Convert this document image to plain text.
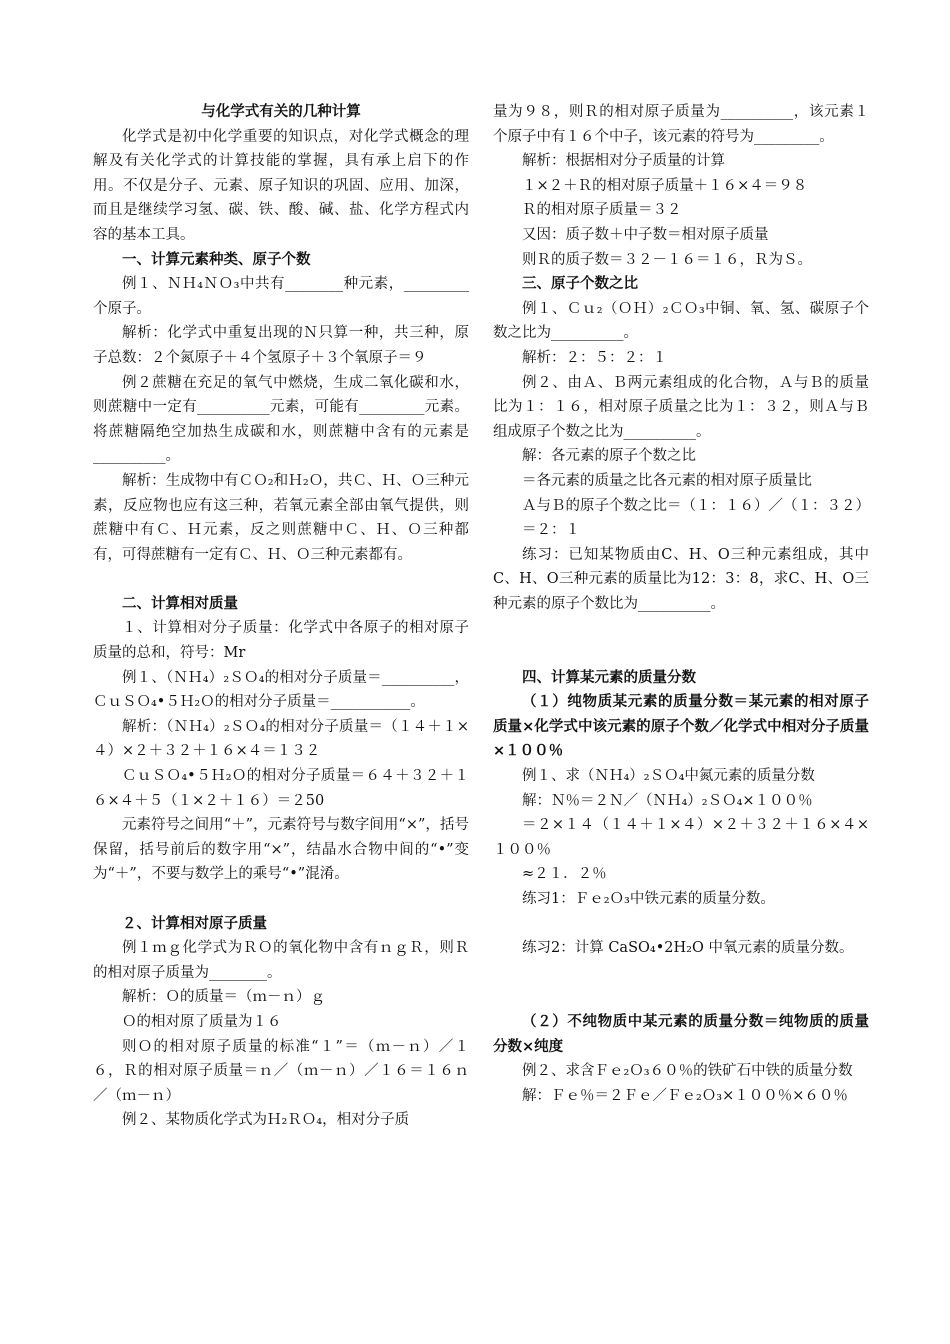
与化学式有关的几种计算

化学式是初中化学重要的知识点，对化学式概念的理解及有关化学式的计算技能的掌握，具有承上启下的作用。不仅是分子、元素、原子知识的巩固、应用、加深，而且是继续学习氢、碳、铁、酸、碱、盐、化学方程式内容的基本工具。

一、计算元素种类、原子个数

例１、ＮＨ₄ＮＯ₃中共有________种元素，_________个原子。

解析：化学式中重复出现的Ｎ只算一种，共三种，原子总数：２个氮原子＋４个氢原子＋３个氧原子＝９

例２蔗糖在充足的氧气中燃烧，生成二氧化碳和水，则蔗糖中一定有__________元素，可能有_________元素。将蔗糖隔绝空加热生成碳和水，则蔗糖中含有的元素是__________。

解析：生成物中有ＣＯ₂和Ｈ₂Ｏ，共Ｃ、Ｈ、Ｏ三种元素，反应物也应有这三种，若氧元素全部由氧气提供，则蔗糖中有Ｃ、Ｈ元素，反之则蔗糖中Ｃ、Ｈ、Ｏ三种都有，可得蔗糖有一定有Ｃ、Ｈ、Ｏ三种元素都有。

二、计算相对质量

１、计算相对分子质量：化学式中各原子的相对原子质量的总和，符号：Mr

例１、（ＮＨ₄）₂ＳＯ₄的相对分子质量＝__________，ＣｕＳＯ₄•５Ｈ₂Ｏ的相对分子质量＝___________。

解析：（ＮＨ₄）₂ＳＯ₄的相对分子质量＝（１４＋１×４）×２＋３２＋１６×４＝１３２

ＣｕＳＯ₄•５Ｈ₂Ｏ的相对分子质量＝６４＋３２＋１６×４＋５（１×２＋１６）＝２50

元素符号之间用“＋”，元素符号与数字间用“×”，括号保留，括号前后的数字用“×”，结晶水合物中间的“•”变为“＋”，不要与数学上的乘号“•”混淆。

２、计算相对原子质量

例１ｍｇ化学式为ＲＯ的氧化物中含有ｎｇＲ，则Ｒ的相对原子质量为________。

解析：Ｏ的质量＝（ｍ－ｎ）ｇ

Ｏ的相对原了质量为１６

则Ｏ的相对原子质量的标准“１”＝（ｍ－ｎ）／１６，Ｒ的相对原子质量＝ｎ／（ｍ－ｎ）／１６＝１６ｎ／（ｍ－ｎ）

例２、某物质化学式为Ｈ₂ＲＯ₄，相对分子质

量为９８，则Ｒ的相对原子质量为__________，该元素１个原子中有１６个中子，该元素的符号为_________。

解析：根据相对分子质量的计算

１×２＋Ｒ的相对原子质量＋１６×４＝９８

Ｒ的相对原子质量＝３２

又因：质子数＋中子数＝相对原子质量

则Ｒ的质子数＝３２－１６＝１６，Ｒ为Ｓ。

三、原子个数之比

例１、Ｃｕ₂（ＯＨ）₂ＣＯ₃中铜、氧、氢、碳原子个数之比为__________。

解析：２：５：２：１

例２、由Ａ、Ｂ两元素组成的化合物，Ａ与Ｂ的质量比为１：１６，相对原子质量之比为１：３２，则Ａ与Ｂ组成原子个数之比为__________。

解：各元素的原子个数之比

＝各元素的质量之比各元素的相对原子质量比

Ａ与Ｂ的原子个数之比＝（１：１６）／（１：３２）

＝２：１

练习：已知某物质由C、H、O三种元素组成，其中C、H、O三种元素的质量比为12：3：8，求C、H、O三种元素的原子个数比为__________。

四、计算某元素的质量分数

（１）纯物质某元素的质量分数＝某元素的相对原子质量×化学式中该元素的原子个数／化学式中相对分子质量×１００％

例１、求（ＮＨ₄）₂ＳＯ₄中氮元素的质量分数

解：Ｎ％＝２Ｎ／（ＮＨ₄）₂ＳＯ₄×１００％

＝２×１４（１４＋１×４）×２＋３２＋１６×４×１００％

≈２１．２％

练习1：Ｆｅ₂Ｏ₃中铁元素的质量分数。

练习2：计算 CaSO₄•2H₂O 中氧元素的质量分数。

（２）不纯物质中某元素的质量分数＝纯物质的质量分数×纯度

例２、求含Ｆｅ₂Ｏ₃６０％的铁矿石中铁的质量分数

解：Ｆｅ％＝２Ｆｅ／Ｆｅ₂Ｏ₃×１００％×６０％
